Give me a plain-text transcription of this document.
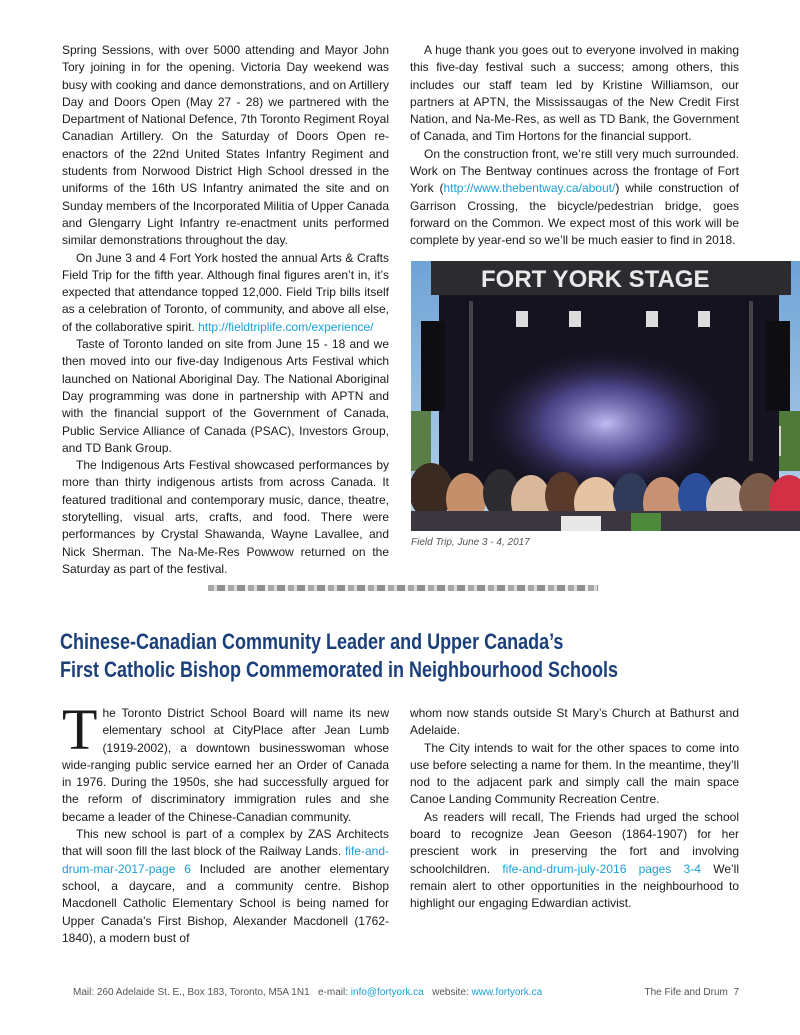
Spring Sessions, with over 5000 attending and Mayor John Tory joining in for the opening. Victoria Day weekend was busy with cooking and dance demonstrations, and on Artillery Day and Doors Open (May 27 - 28) we partnered with the Department of National Defence, 7th Toronto Regiment Royal Canadian Artillery. On the Saturday of Doors Open re-enactors of the 22nd United States Infantry Regiment and students from Norwood District High School dressed in the uniforms of the 16th US Infantry animated the site and on Sunday members of the Incorporated Militia of Upper Canada and Glengarry Light Infantry re-enactment units performed similar demonstrations throughout the day.

On June 3 and 4 Fort York hosted the annual Arts & Crafts Field Trip for the fifth year. Although final figures aren’t in, it’s expected that attendance topped 12,000. Field Trip bills itself as a celebration of Toronto, of community, and above all else, of the collaborative spirit. http://fieldtriplife.com/experience/

Taste of Toronto landed on site from June 15 - 18 and we then moved into our five-day Indigenous Arts Festival which launched on National Aboriginal Day. The National Aboriginal Day programming was done in partnership with APTN and with the financial support of the Government of Canada, Public Service Alliance of Canada (PSAC), Investors Group, and TD Bank Group.

The Indigenous Arts Festival showcased performances by more than thirty indigenous artists from across Canada. It featured traditional and contemporary music, dance, theatre, storytelling, visual arts, crafts, and food. There were performances by Crystal Shawanda, Wayne Lavallee, and Nick Sherman. The Na-Me-Res Powwow returned on the Saturday as part of the festival.

A huge thank you goes out to everyone involved in making this five-day festival such a success; among others, this includes our staff team led by Kristine Williamson, our partners at APTN, the Mississaugas of the New Credit First Nation, and Na-Me-Res, as well as TD Bank, the Government of Canada, and Tim Hortons for the financial support.

On the construction front, we’re still very much surrounded. Work on The Bentway continues across the frontage of Fort York (http://www.thebentway.ca/about/) while construction of Garrison Crossing, the bicycle/pedestrian bridge, goes forward on the Common. We expect most of this work will be complete by year-end so we’ll be much easier to find in 2018.

FORT YORK STAGE
Field Trip, June 3 - 4, 2017
Chinese-Canadian Community Leader and Upper Canada’s
First Catholic Bishop Commemorated in Neighbourhood Schools

The Toronto District School Board will name its new elementary school at CityPlace after Jean Lumb (1919-2002), a downtown businesswoman whose wide-ranging public service earned her an Order of Canada in 1976. During the 1950s, she had successfully argued for the reform of discriminatory immigration rules and she became a leader of the Chinese-Canadian community.

This new school is part of a complex by ZAS Architects that will soon fill the last block of the Railway Lands. fife-and-drum-mar-2017-page 6 Included are another elementary school, a daycare, and a community centre. Bishop Macdonell Catholic Elementary School is being named for Upper Canada’s First Bishop, Alexander Macdonell (1762-1840), a modern bust of

whom now stands outside St Mary’s Church at Bathurst and Adelaide.

The City intends to wait for the other spaces to come into use before selecting a name for them. In the meantime, they’ll nod to the adjacent park and simply call the main space Canoe Landing Community Recreation Centre.

As readers will recall, The Friends had urged the school board to recognize Jean Geeson (1864-1907) for her prescient work in preserving the fort and involving schoolchildren. fife-and-drum-july-2016 pages 3-4 We’ll remain alert to other opportunities in the neighbourhood to highlight our engaging Edwardian activist.

Mail: 260 Adelaide St. E., Box 183, Toronto, M5A 1N1 e-mail: info@fortyork.ca website: www.fortyork.ca	The Fife and Drum 7
